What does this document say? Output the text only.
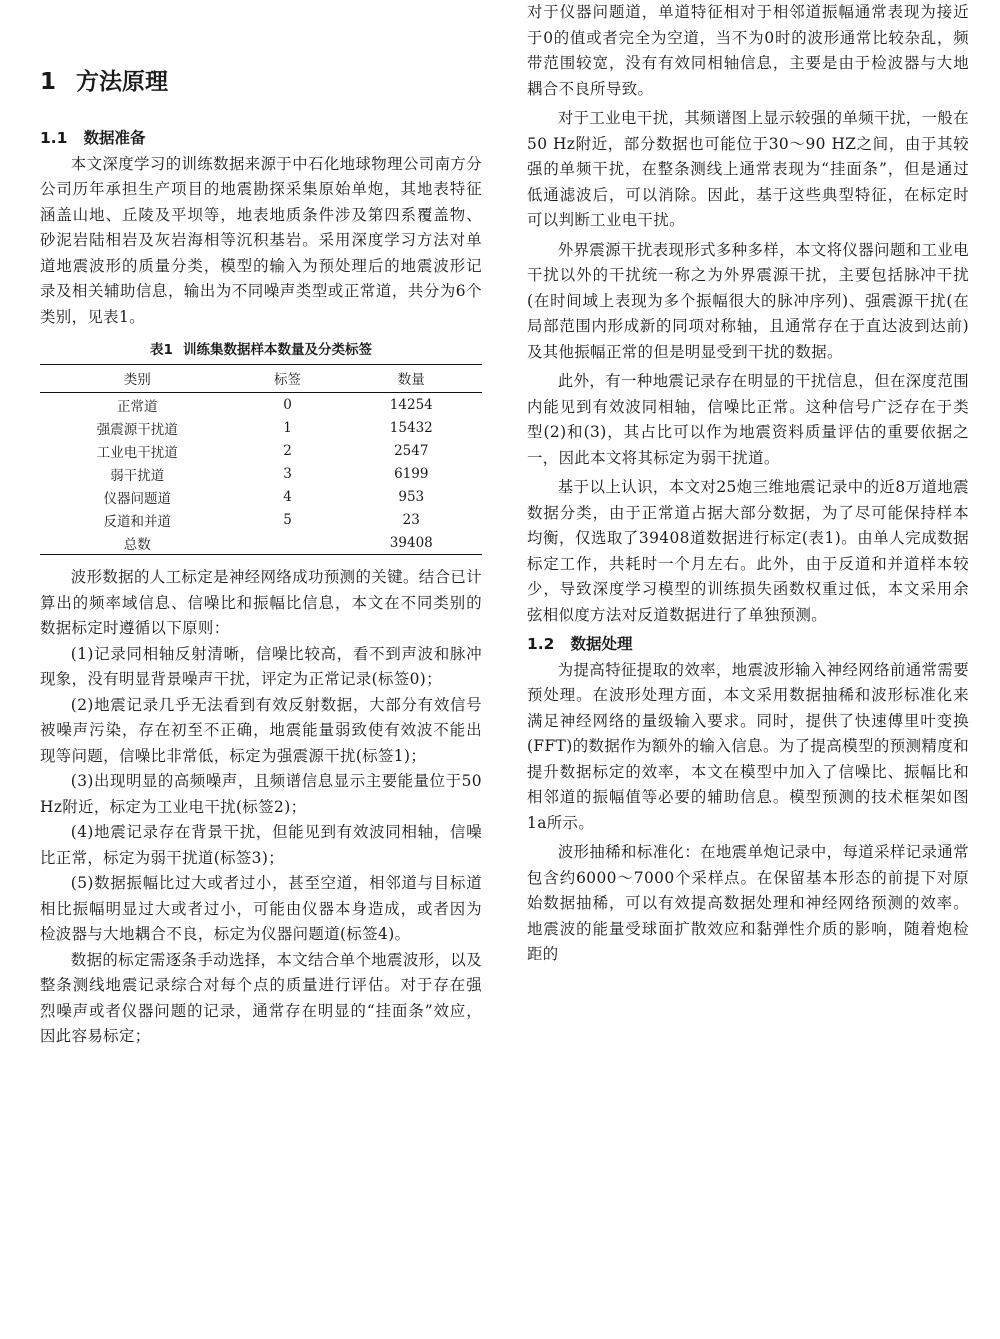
1 方法原理
1.1 数据准备

本文深度学习的训练数据来源于中石化地球物理公司南方分公司历年承担生产项目的地震勘探采集原始单炮，其地表特征涵盖山地、丘陵及平坝等，地表地质条件涉及第四系覆盖物、砂泥岩陆相岩及灰岩海相等沉积基岩。采用深度学习方法对单道地震波形的质量分类，模型的输入为预处理后的地震波形记录及相关辅助信息，输出为不同噪声类型或正常道，共分为6个类别，见表1。

表1 训练集数据样本数量及分类标签
类别	标签	数量
正常道	0	14254
强震源干扰道	1	15432
工业电干扰道	2	2547
弱干扰道	3	6199
仪器问题道	4	953
反道和并道	5	23
总数		39408

波形数据的人工标定是神经网络成功预测的关键。结合已计算出的频率域信息、信噪比和振幅比信息，本文在不同类别的数据标定时遵循以下原则：

(1)记录同相轴反射清晰，信噪比较高，看不到声波和脉冲现象，没有明显背景噪声干扰，评定为正常记录(标签0)；

(2)地震记录几乎无法看到有效反射数据，大部分有效信号被噪声污染，存在初至不正确，地震能量弱致使有效波不能出现等问题，信噪比非常低，标定为强震源干扰(标签1)；

(3)出现明显的高频噪声，且频谱信息显示主要能量位于50 Hz附近，标定为工业电干扰(标签2)；

(4)地震记录存在背景干扰，但能见到有效波同相轴，信噪比正常，标定为弱干扰道(标签3)；

(5)数据振幅比过大或者过小，甚至空道，相邻道与目标道相比振幅明显过大或者过小，可能由仪器本身造成，或者因为检波器与大地耦合不良，标定为仪器问题道(标签4)。

数据的标定需逐条手动选择，本文结合单个地震波形，以及整条测线地震记录综合对每个点的质量进行评估。对于存在强烈噪声或者仪器问题的记录，通常存在明显的“挂面条”效应，因此容易标定；

对于仪器问题道，单道特征相对于相邻道振幅通常表现为接近于0的值或者完全为空道，当不为0时的波形通常比较杂乱，频带范围较宽，没有有效同相轴信息，主要是由于检波器与大地耦合不良所导致。

对于工业电干扰，其频谱图上显示较强的单频干扰，一般在50 Hz附近，部分数据也可能位于30～90 HZ之间，由于其较强的单频干扰，在整条测线上通常表现为“挂面条”，但是通过低通滤波后，可以消除。因此，基于这些典型特征，在标定时可以判断工业电干扰。

外界震源干扰表现形式多种多样，本文将仪器问题和工业电干扰以外的干扰统一称之为外界震源干扰，主要包括脉冲干扰(在时间域上表现为多个振幅很大的脉冲序列)、强震源干扰(在局部范围内形成新的同项对称轴，且通常存在于直达波到达前)及其他振幅正常的但是明显受到干扰的数据。

此外，有一种地震记录存在明显的干扰信息，但在深度范围内能见到有效波同相轴，信噪比正常。这种信号广泛存在于类型(2)和(3)，其占比可以作为地震资料质量评估的重要依据之一，因此本文将其标定为弱干扰道。

基于以上认识，本文对25炮三维地震记录中的近8万道地震数据分类，由于正常道占据大部分数据，为了尽可能保持样本均衡，仅选取了39408道数据进行标定(表1)。由单人完成数据标定工作，共耗时一个月左右。此外，由于反道和并道样本较少，导致深度学习模型的训练损失函数权重过低，本文采用余弦相似度方法对反道数据进行了单独预测。

1.2 数据处理

为提高特征提取的效率，地震波形输入神经网络前通常需要预处理。在波形处理方面，本文采用数据抽稀和波形标准化来满足神经网络的量级输入要求。同时，提供了快速傅里叶变换(FFT)的数据作为额外的输入信息。为了提高模型的预测精度和提升数据标定的效率，本文在模型中加入了信噪比、振幅比和相邻道的振幅值等必要的辅助信息。模型预测的技术框架如图1a所示。

波形抽稀和标准化：在地震单炮记录中，每道采样记录通常包含约6000～7000个采样点。在保留基本形态的前提下对原始数据抽稀，可以有效提高数据处理和神经网络预测的效率。地震波的能量受球面扩散效应和黏弹性介质的影响，随着炮检距的
